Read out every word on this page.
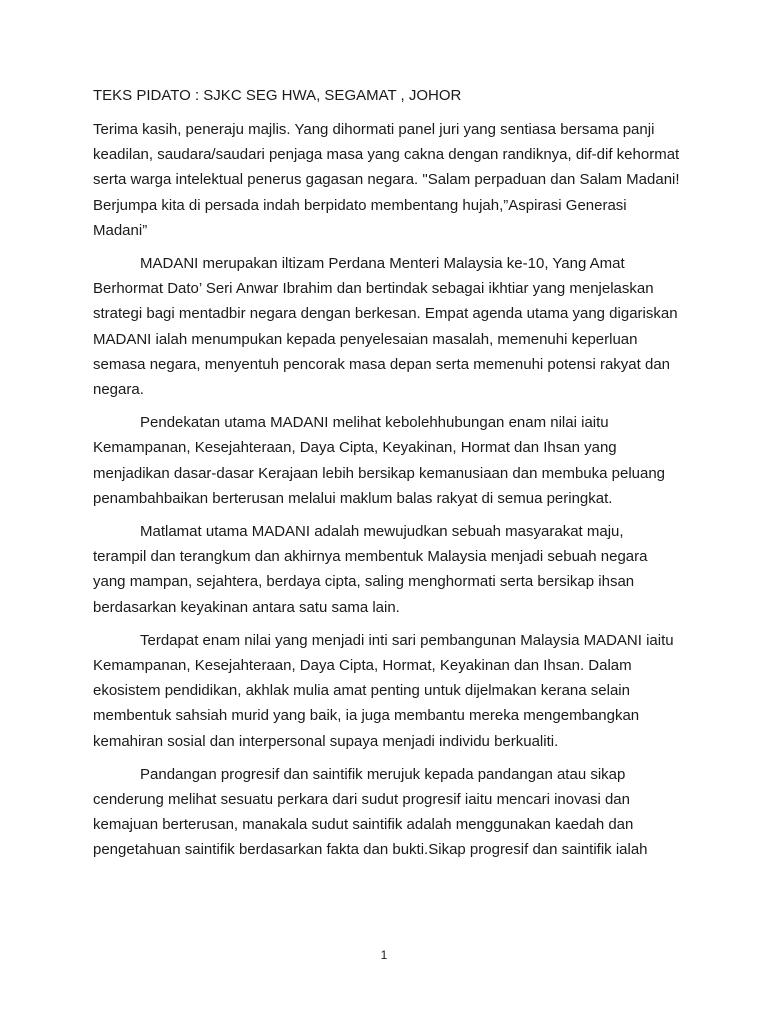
TEKS PIDATO : SJKC SEG HWA, SEGAMAT , JOHOR

Terima kasih, peneraju majlis. Yang dihormati panel juri yang sentiasa bersama panji keadilan, saudara/saudari penjaga masa yang cakna dengan randiknya, dif-dif kehormat serta warga intelektual penerus gagasan negara. "Salam perpaduan dan Salam Madani! Berjumpa kita di persada indah berpidato membentang hujah,”Aspirasi Generasi Madani”

MADANI merupakan iltizam Perdana Menteri Malaysia ke-10, Yang Amat Berhormat Dato’ Seri Anwar Ibrahim dan bertindak sebagai ikhtiar yang menjelaskan strategi bagi mentadbir negara dengan berkesan. Empat agenda utama yang digariskan MADANI ialah menumpukan kepada penyelesaian masalah, memenuhi keperluan semasa negara, menyentuh pencorak masa depan serta memenuhi potensi rakyat dan negara.

Pendekatan utama MADANI melihat kebolehhubungan enam nilai iaitu Kemampanan, Kesejahteraan, Daya Cipta, Keyakinan, Hormat dan Ihsan yang menjadikan dasar-dasar Kerajaan lebih bersikap kemanusiaan dan membuka peluang penambahbaikan berterusan melalui maklum balas rakyat di semua peringkat.

Matlamat utama MADANI adalah mewujudkan sebuah masyarakat maju, terampil dan terangkum dan akhirnya membentuk Malaysia menjadi sebuah negara yang mampan, sejahtera, berdaya cipta, saling menghormati serta bersikap ihsan berdasarkan keyakinan antara satu sama lain.

Terdapat enam nilai yang menjadi inti sari pembangunan Malaysia MADANI iaitu Kemampanan, Kesejahteraan, Daya Cipta, Hormat, Keyakinan dan Ihsan. Dalam ekosistem pendidikan, akhlak mulia amat penting untuk dijelmakan kerana selain membentuk sahsiah murid yang baik, ia juga membantu mereka mengembangkan kemahiran sosial dan interpersonal supaya menjadi individu berkualiti.

Pandangan progresif dan saintifik merujuk kepada pandangan atau sikap cenderung melihat sesuatu perkara dari sudut progresif iaitu mencari inovasi dan kemajuan berterusan, manakala sudut saintifik adalah menggunakan kaedah dan pengetahuan saintifik berdasarkan fakta dan bukti.Sikap progresif dan saintifik ialah

1
